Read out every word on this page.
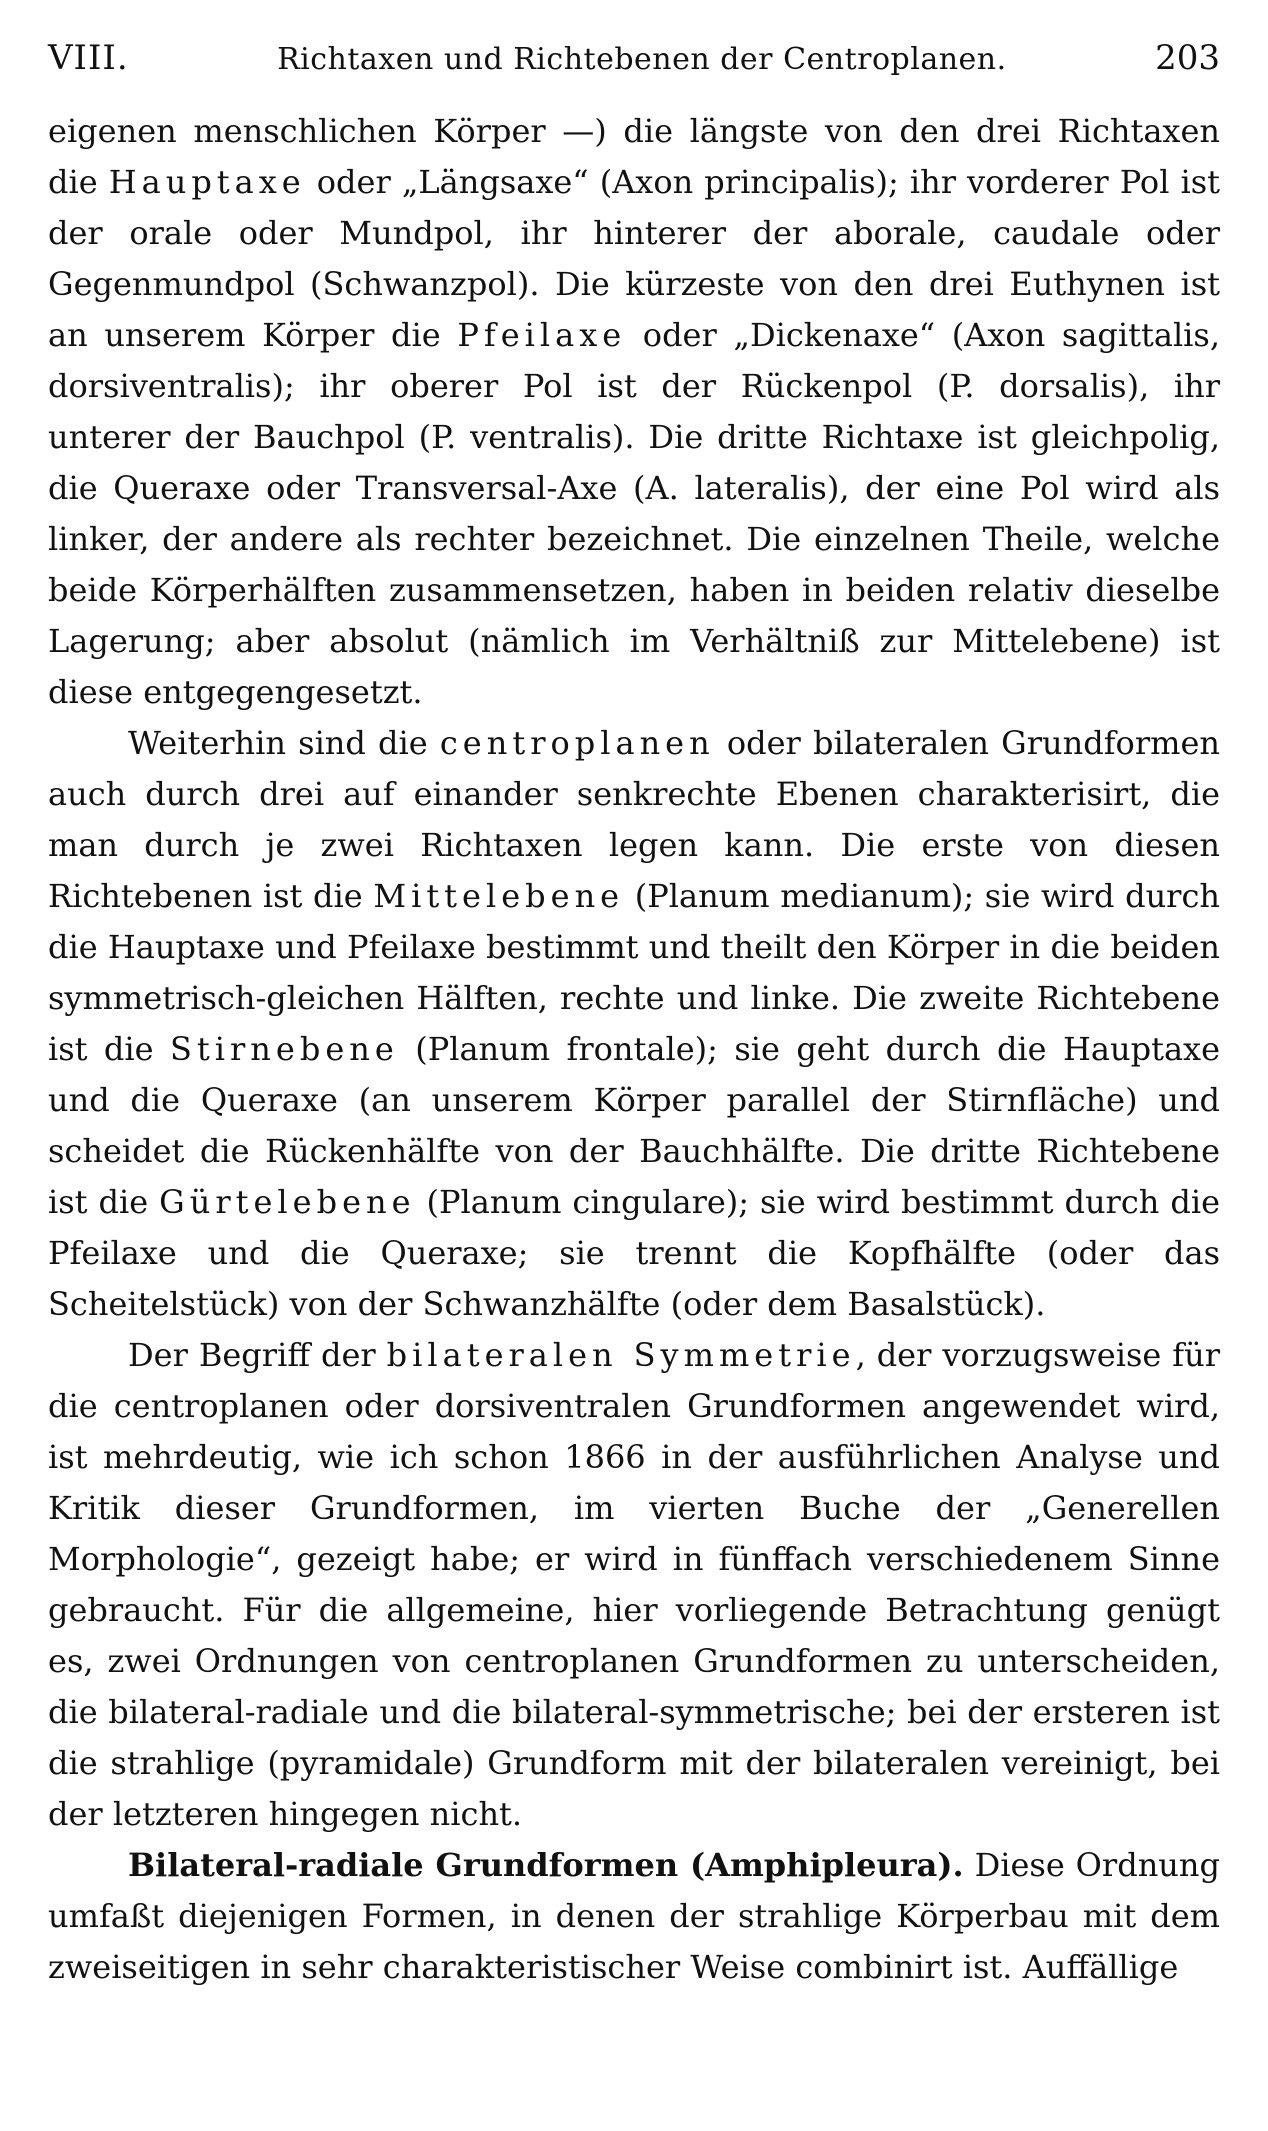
VIII.	Richtaxen und Richtebenen der Centroplanen.	203

eigenen menschlichen Körper —) die längste von den drei Richtaxen die Hauptaxe oder „Längsaxe“ (Axon principalis); ihr vorderer Pol ist der orale oder Mundpol, ihr hinterer der aborale, caudale oder Gegenmundpol (Schwanzpol). Die kürzeste von den drei Euthynen ist an unserem Körper die Pfeilaxe oder „Dickenaxe“ (Axon sagittalis, dorsiventralis); ihr oberer Pol ist der Rückenpol (P. dorsalis), ihr unterer der Bauchpol (P. ventralis). Die dritte Richtaxe ist gleichpolig, die Queraxe oder Transversal-Axe (A. lateralis), der eine Pol wird als linker, der andere als rechter bezeichnet. Die einzelnen Theile, welche beide Körperhälften zusammensetzen, haben in beiden relativ dieselbe Lagerung; aber absolut (nämlich im Verhältniß zur Mittelebene) ist diese entgegengesetzt.

Weiterhin sind die centroplanen oder bilateralen Grundformen auch durch drei auf einander senkrechte Ebenen charakterisirt, die man durch je zwei Richtaxen legen kann. Die erste von diesen Richtebenen ist die Mittelebene (Planum medianum); sie wird durch die Hauptaxe und Pfeilaxe bestimmt und theilt den Körper in die beiden symmetrisch-gleichen Hälften, rechte und linke. Die zweite Richtebene ist die Stirnebene (Planum frontale); sie geht durch die Hauptaxe und die Queraxe (an unserem Körper parallel der Stirnfläche) und scheidet die Rückenhälfte von der Bauchhälfte. Die dritte Richtebene ist die Gürtelebene (Planum cingulare); sie wird bestimmt durch die Pfeilaxe und die Queraxe; sie trennt die Kopfhälfte (oder das Scheitelstück) von der Schwanzhälfte (oder dem Basalstück).

Der Begriff der bilateralen Symmetrie, der vorzugsweise für die centroplanen oder dorsiventralen Grundformen angewendet wird, ist mehrdeutig, wie ich schon 1866 in der ausführlichen Analyse und Kritik dieser Grundformen, im vierten Buche der „Generellen Morphologie“, gezeigt habe; er wird in fünffach verschiedenem Sinne gebraucht. Für die allgemeine, hier vorliegende Betrachtung genügt es, zwei Ordnungen von centroplanen Grundformen zu unterscheiden, die bilateral-radiale und die bilateral-symmetrische; bei der ersteren ist die strahlige (pyramidale) Grundform mit der bilateralen vereinigt, bei der letzteren hingegen nicht.

Bilateral-radiale Grundformen (Amphipleura). Diese Ordnung umfaßt diejenigen Formen, in denen der strahlige Körperbau mit dem zweiseitigen in sehr charakteristischer Weise combinirt ist. Auffällige
